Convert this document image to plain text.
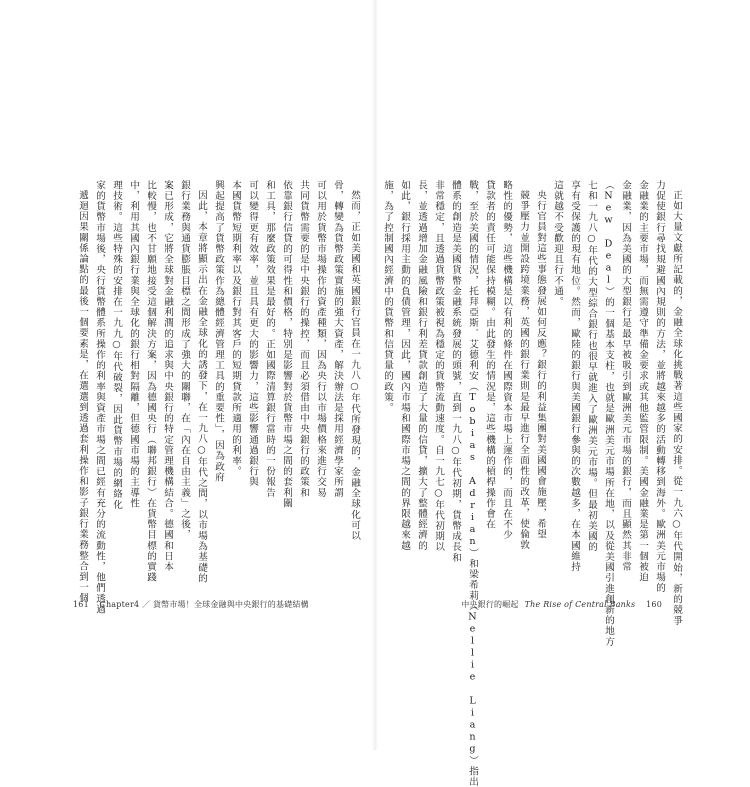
遞迴因果關係論點的最後一個要素是，在選選到透過套利操作和影子銀行業務整合到一個 家的貨幣市場後，央行貨幣體系所操作的利率與資產市場之間已經有充分的流動性，他們透過 理技術。這些特殊的安排在一九九○年代破裂，因此貨幣市場的網絡化 中，利用其國內銀行業與全球化的銀行相對隔離，但德國市場的主導性 比較慢，也不甘願地接受這個解決方案，因為德國央行（聯邦銀行）在貨幣目標的實踐 案已形成，它將全球對金融利潤的追求與中央銀行的特定管理機構結合。德國和日本 銀行業務與通貨膨脹目標之間形成了強大的關聯，在「內在自由主義」之後， 因此，本章將顯示出在金融全球化的誘發下，在一九八○年代之間，以市場為基礎的 興起提高了貨幣政策作為總體經濟管理工具的重要性」，因為政府 本國貨幣短期利率以及銀行對其客戶的短期貸款所適用的利率。 可以變得更有效率，並且具有更大的影響力，這些影響通過銀行與 和工具，那麼政策效果是最好的。正如國際清算銀行當時的一份報告 依靠銀行信貸的可得性和價格，特別是影響對於貨幣市場之間的套利關 共同貨幣需要的是中央銀行的操控，而且必須借由中央銀行的政策和 可以用於貨幣市場操作的資產種類，因為央行以市場價格來進行交易 骨，轉變為貨幣政策實施的強大資產，解決辦法是採用經濟學家所謂 然而，正如美國和英國銀行官員在一九八○年代所發現的，金融全球化可以
161 Chapter4 ／ 貨幣市場！全球金融與中央銀行的基礎結構
施，為了控制國內經濟中的貨幣和信貸量的政策。 如此，銀行採用主動的負債管理，因此，國內市場和國際市場之間的界限越來越 長，並透過增加金融風險和銀行利差貸款創造了大量的信貸，擴大了整體經濟的 非常穩定，且透過貨幣政策被視為穩定的貨幣流動速度。自一九七○年代初期以 體系的創造是美國貨幣金融系統發展的頭號，直到一九八○年代初期，貨幣成長和 戰，至於美國的情況，托拜亞斯．艾德利安（Tobias Adrian）和梁希莉（Nellie Liang）指出 貸款者的責任可能保持模糊。由此發生的情況是，這些機構的槓桿操作會在 略性的優勢，這些機構是以有利的條件在國際資本市場上運作的，而且在不少 競爭壓力並開設跨境業務，英國的銀行業則是最早進行全面性的改革，使倫敦 央行官員對這些事態發展如何反應？銀行的利益集團對美國國會施壓，希望 這就越不受歡迎且行不通。 享有受保護的現有地位。然而，歐陸的銀行與美國銀行參與的次數越多，在本國維持 七和一九八○年代的大型綜合銀行也很早就進入了歐洲美元市場。但最初美國的 （New Deal）的一個基本支柱，也就是歐洲美元市場所在地，以及從美國引進創新的地方 金融業，因為美國的大型銀行是最早被吸引到歐洲美元市場的銀行，而且顯然其非常 金融業的主要市場，而無需遵守準備金要求或其他監管限制。美國金融業是第一個被迫 力促使銀行尋找規避國內規則的方法，並將越來越多的活動轉移到海外。歐洲美元市場的 正如大量文獻所記載的，金融全球化挑戰著這些國家的安排。從一九六○年代開始，新的競爭
中央銀行的崛起 The Rise of Central Banks 160
